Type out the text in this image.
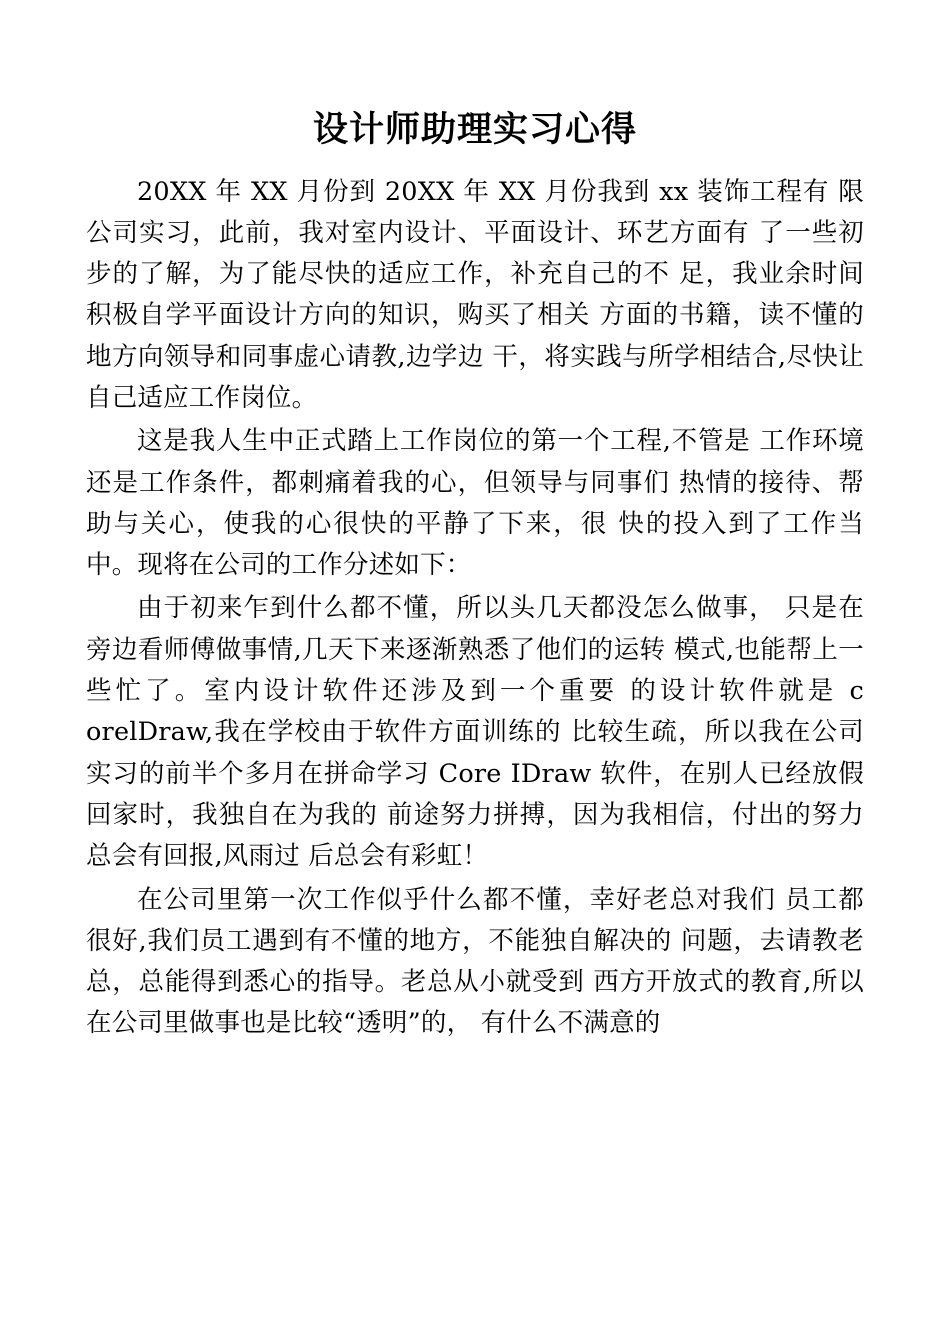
设计师助理实习心得

20XX 年 XX 月份到 20XX 年 XX 月份我到 xx 装饰工程有 限公司实习，此前，我对室内设计、平面设计、环艺方面有 了一些初步的了解，为了能尽快的适应工作，补充自己的不 足，我业余时间积极自学平面设计方向的知识，购买了相关 方面的书籍，读不懂的地方向领导和同事虚心请教,边学边 干，将实践与所学相结合,尽快让自己适应工作岗位。

这是我人生中正式踏上工作岗位的第一个工程,不管是 工作环境还是工作条件，都刺痛着我的心，但领导与同事们 热情的接待、帮助与关心，使我的心很快的平静了下来，很 快的投入到了工作当中。现将在公司的工作分述如下：

由于初来乍到什么都不懂，所以头几天都没怎么做事， 只是在旁边看师傅做事情,几天下来逐渐熟悉了他们的运转 模式,也能帮上一些忙了。室内设计软件还涉及到一个重要 的设计软件就是 c orelDraw,我在学校由于软件方面训练的 比较生疏，所以我在公司实习的前半个多月在拼命学习 Core IDraw 软件，在别人已经放假回家时，我独自在为我的 前途努力拼搏，因为我相信，付出的努力总会有回报,风雨过 后总会有彩虹！

在公司里第一次工作似乎什么都不懂，幸好老总对我们 员工都很好,我们员工遇到有不懂的地方，不能独自解决的 问题，去请教老总，总能得到悉心的指导。老总从小就受到 西方开放式的教育,所以在公司里做事也是比较“透明”的， 有什么不满意的
